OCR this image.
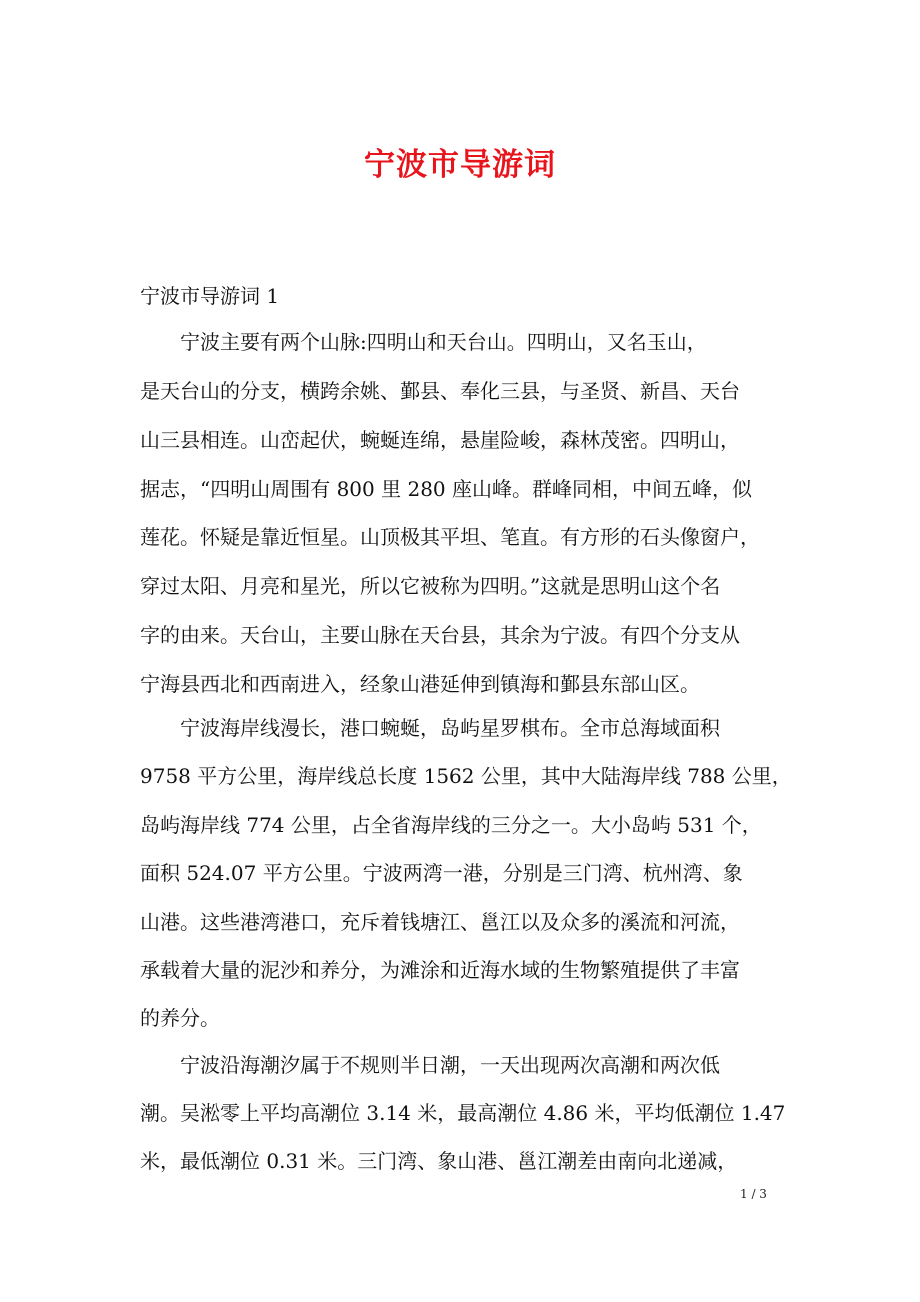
宁波市导游词
宁波市导游词 1
　　宁波主要有两个山脉:四明山和天台山。四明山，又名玉山，
是天台山的分支，横跨余姚、鄞县、奉化三县，与圣贤、新昌、天台
山三县相连。山峦起伏，蜿蜒连绵，悬崖险峻，森林茂密。四明山，
据志，“四明山周围有 800 里 280 座山峰。群峰同相，中间五峰，似
莲花。怀疑是靠近恒星。山顶极其平坦、笔直。有方形的石头像窗户，
穿过太阳、月亮和星光，所以它被称为四明。”这就是思明山这个名
字的由来。天台山，主要山脉在天台县，其余为宁波。有四个分支从
宁海县西北和西南进入，经象山港延伸到镇海和鄞县东部山区。
　　宁波海岸线漫长，港口蜿蜒，岛屿星罗棋布。全市总海域面积
9758 平方公里，海岸线总长度 1562 公里，其中大陆海岸线 788 公里，
岛屿海岸线 774 公里，占全省海岸线的三分之一。大小岛屿 531 个，
面积 524.07 平方公里。宁波两湾一港，分别是三门湾、杭州湾、象
山港。这些港湾港口，充斥着钱塘江、邕江以及众多的溪流和河流，
承载着大量的泥沙和养分，为滩涂和近海水域的生物繁殖提供了丰富
的养分。
　　宁波沿海潮汐属于不规则半日潮，一天出现两次高潮和两次低
潮。吴淞零上平均高潮位 3.14 米，最高潮位 4.86 米，平均低潮位 1.47
米，最低潮位 0.31 米。三门湾、象山港、邕江潮差由南向北递减，
1 / 3
